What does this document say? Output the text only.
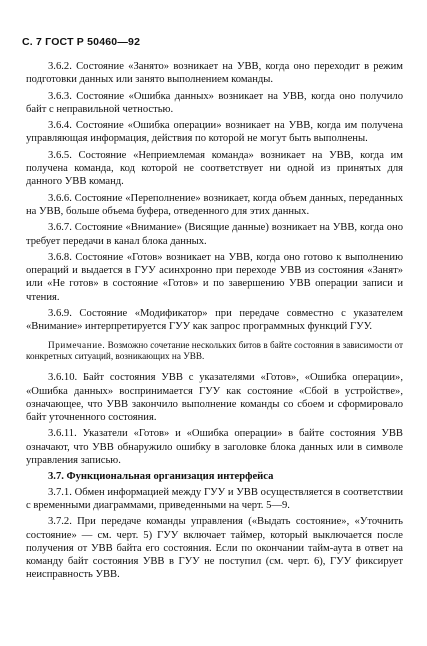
С. 7 ГОСТ Р 50460—92

3.6.2. Состояние «Занято» возникает на УВВ, когда оно переходит в режим подготовки данных или занято выполнением команды.

3.6.3. Состояние «Ошибка данных» возникает на УВВ, когда оно получило байт с неправильной четностью.

3.6.4. Состояние «Ошибка операции» возникает на УВВ, когда им получена управляющая информация, действия по которой не могут быть выполнены.

3.6.5. Состояние «Неприемлемая команда» возникает на УВВ, когда им получена команда, код которой не соответствует ни одной из принятых для данного УВВ команд.

3.6.6. Состояние «Переполнение» возникает, когда объем данных, переданных на УВВ, больше объема буфера, отведенного для этих данных.

3.6.7. Состояние «Внимание» (Висящие данные) возникает на УВВ, когда оно требует передачи в канал блока данных.

3.6.8. Состояние «Готов» возникает на УВВ, когда оно готово к выполнению операций и выдается в ГУУ асинхронно при переходе УВВ из состояния «Занят» или «Не готов» в состояние «Готов» и по завершению УВВ операции записи и чтения.

3.6.9. Состояние «Модификатор» при передаче совместно с указателем «Внимание» интерпретируется ГУУ как запрос программных функций ГУУ.

Примечание. Возможно сочетание нескольких битов в байте состояния в зависимости от конкретных ситуаций, возникающих на УВВ.

3.6.10. Байт состояния УВВ с указателями «Готов», «Ошибка операции», «Ошибка данных» воспринимается ГУУ как состояние «Сбой в устройстве», означающее, что УВВ закончило выполнение команды со сбоем и сформировало байт уточненного состояния.

3.6.11. Указатели «Готов» и «Ошибка операции» в байте состояния УВВ означают, что УВВ обнаружило ошибку в заголовке блока данных или в символе управления записью.

3.7. Функциональная организация интерфейса

3.7.1. Обмен информацией между ГУУ и УВВ осуществляется в соответствии с временными диаграммами, приведенными на черт. 5—9.

3.7.2. При передаче команды управления («Выдать состояние», «Уточнить состояние» — см. черт. 5) ГУУ включает таймер, который выключается после получения от УВВ байта его состояния. Если по окончании тайм-аута в ответ на команду байт состояния УВВ в ГУУ не поступил (см. черт. 6), ГУУ фиксирует неисправность УВВ.
